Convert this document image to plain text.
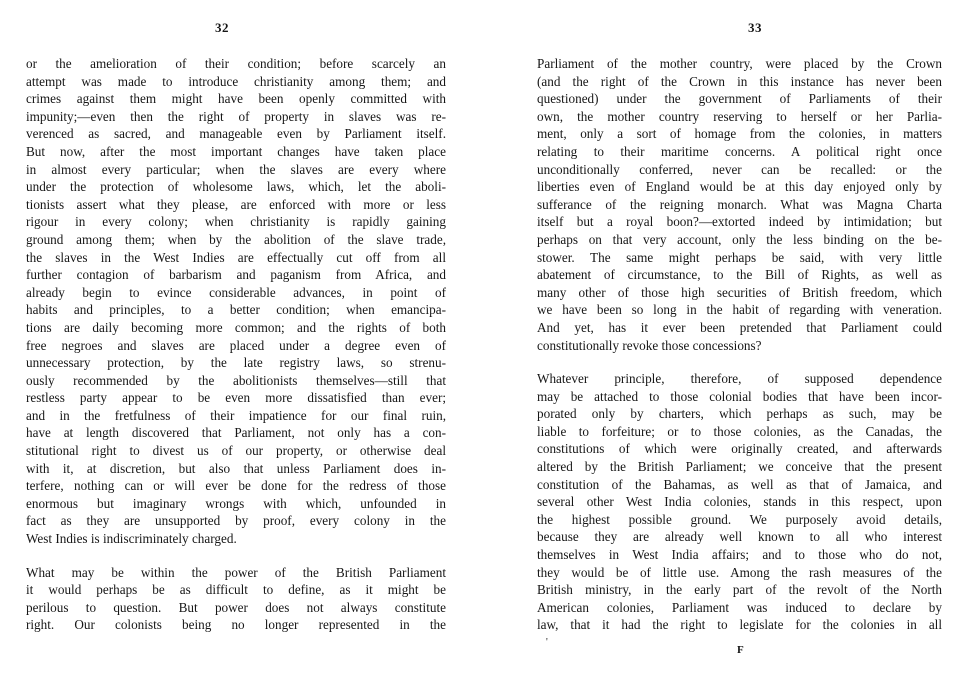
32
or the amelioration of their condition; before scarcely an
attempt was made to introduce christianity among them; and
crimes against them might have been openly committed with
impunity;—even then the right of property in slaves was re-
verenced as sacred, and manageable even by Parliament itself.
But now, after the most important changes have taken place
in almost every particular; when the slaves are every where
under the protection of wholesome laws, which, let the aboli-
tionists assert what they please, are enforced with more or less
rigour in every colony; when christianity is rapidly gaining
ground among them; when by the abolition of the slave trade,
the slaves in the West Indies are effectually cut off from all
further contagion of barbarism and paganism from Africa, and
already begin to evince considerable advances, in point of
habits and principles, to a better condition; when emancipa-
tions are daily becoming more common; and the rights of both
free negroes and slaves are placed under a degree even of
unnecessary protection, by the late registry laws, so strenu-
ously recommended by the abolitionists themselves—still that
restless party appear to be even more dissatisfied than ever;
and in the fretfulness of their impatience for our final ruin,
have at length discovered that Parliament, not only has a con-
stitutional right to divest us of our property, or otherwise deal
with it, at discretion, but also that unless Parliament does in-
terfere, nothing can or will ever be done for the redress of those
enormous but imaginary wrongs with which, unfounded in
fact as they are unsupported by proof, every colony in the
West Indies is indiscriminately charged.
What may be within the power of the British Parliament
it would perhaps be as difficult to define, as it might be
perilous to question. But power does not always constitute
right. Our colonists being no longer represented in the
33
Parliament of the mother country, were placed by the Crown
(and the right of the Crown in this instance has never been
questioned) under the government of Parliaments of their
own, the mother country reserving to herself or her Parlia-
ment, only a sort of homage from the colonies, in matters
relating to their maritime concerns. A political right once
unconditionally conferred, never can be recalled: or the
liberties even of England would be at this day enjoyed only by
sufferance of the reigning monarch. What was Magna Charta
itself but a royal boon?—extorted indeed by intimidation; but
perhaps on that very account, only the less binding on the be-
stower. The same might perhaps be said, with very little
abatement of circumstance, to the Bill of Rights, as well as
many other of those high securities of British freedom, which
we have been so long in the habit of regarding with veneration.
And yet, has it ever been pretended that Parliament could
constitutionally revoke those concessions?
Whatever principle, therefore, of supposed dependence
may be attached to those colonial bodies that have been incor-
porated only by charters, which perhaps as such, may be
liable to forfeiture; or to those colonies, as the Canadas, the
constitutions of which were originally created, and afterwards
altered by the British Parliament; we conceive that the present
constitution of the Bahamas, as well as that of Jamaica, and
several other West India colonies, stands in this respect, upon
the highest possible ground. We purposely avoid details,
because they are already well known to all who interest
themselves in West India affairs; and to those who do not,
they would be of little use. Among the rash measures of the
British ministry, in the early part of the revolt of the North
American colonies, Parliament was induced to declare by
law, that it had the right to legislate for the colonies in all
'
F
